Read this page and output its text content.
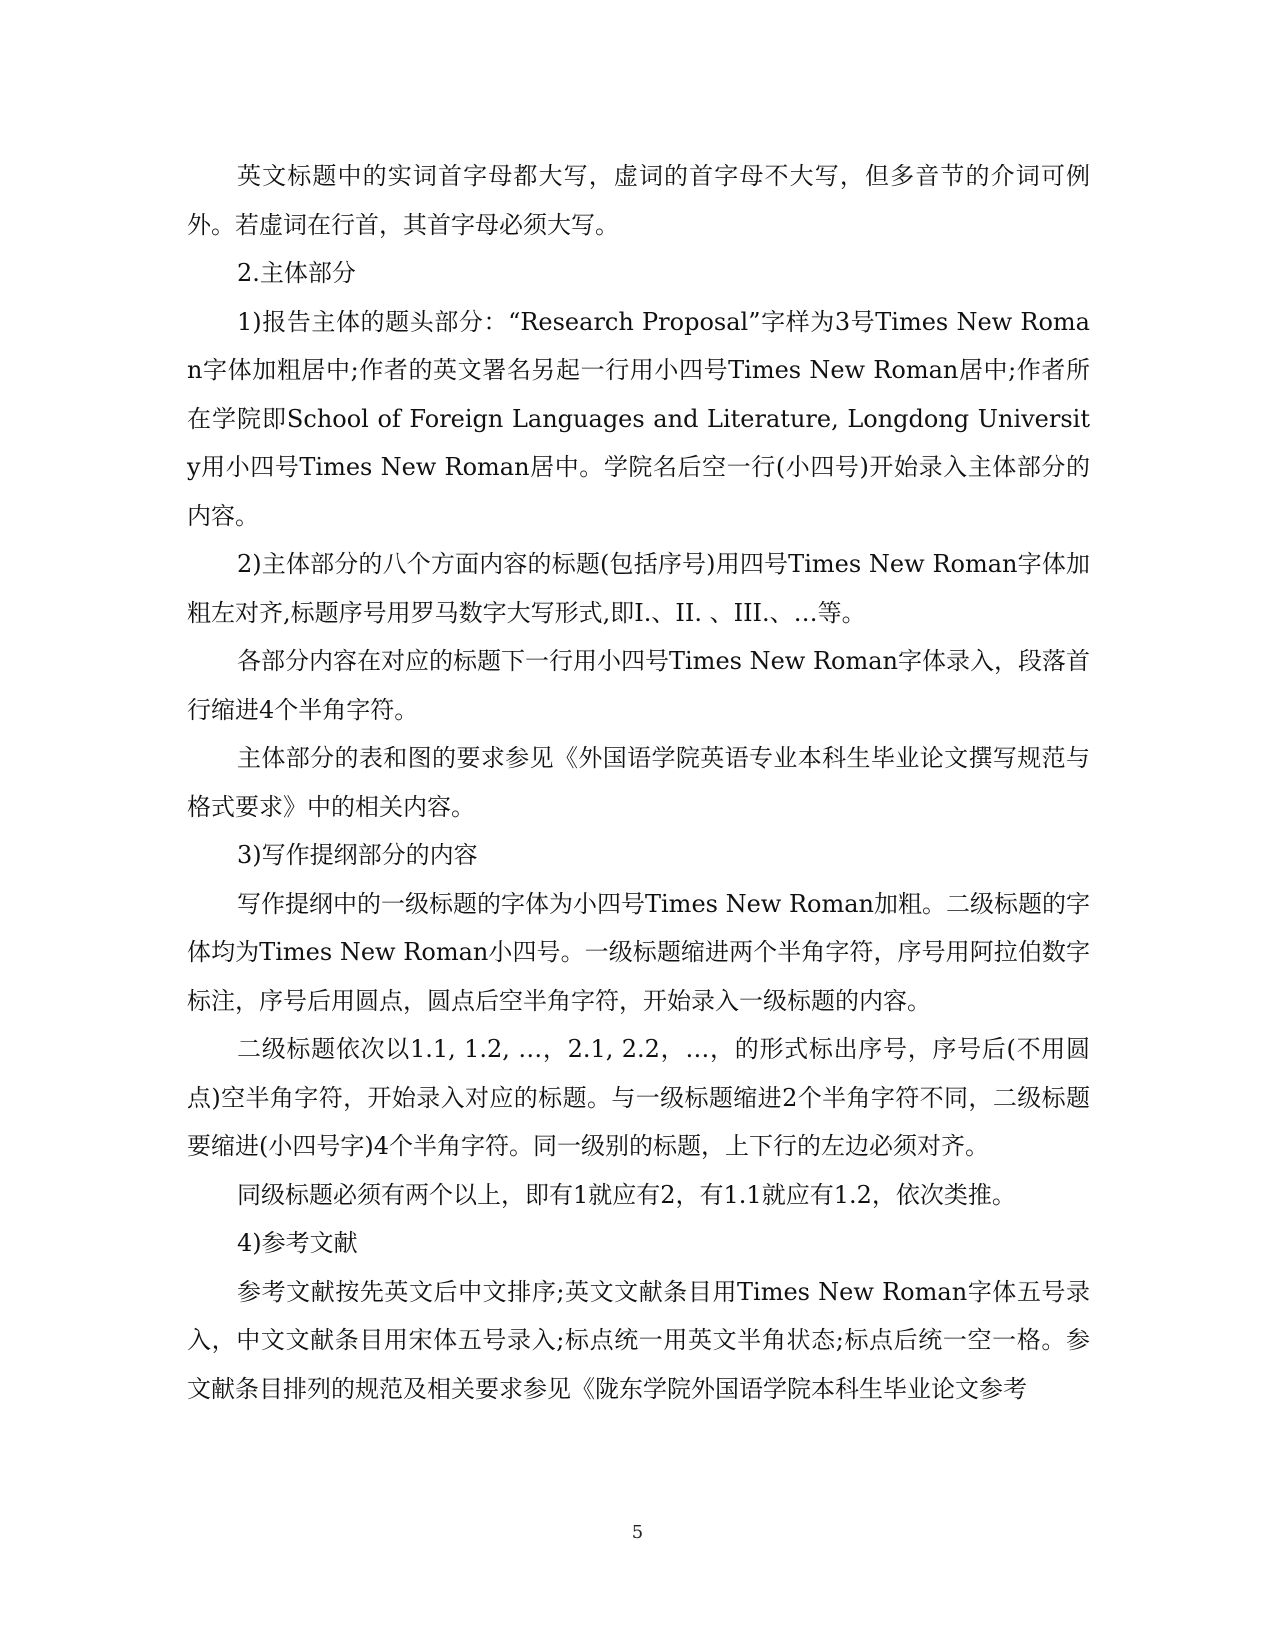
英文标题中的实词首字母都大写，虚词的首字母不大写，但多音节的介词可例外。若虚词在行首，其首字母必须大写。

2.主体部分

1)报告主体的题头部分：“Research Proposal”字样为3号Times New Roman字体加粗居中;作者的英文署名另起一行用小四号Times New Roman居中;作者所在学院即School of Foreign Languages and Literature, Longdong University用小四号Times New Roman居中。学院名后空一行(小四号)开始录入主体部分的内容。

2)主体部分的八个方面内容的标题(包括序号)用四号Times New Roman字体加粗左对齐,标题序号用罗马数字大写形式,即I.、II. 、III.、…等。

各部分内容在对应的标题下一行用小四号Times New Roman字体录入，段落首行缩进4个半角字符。

主体部分的表和图的要求参见《外国语学院英语专业本科生毕业论文撰写规范与格式要求》中的相关内容。

3)写作提纲部分的内容

写作提纲中的一级标题的字体为小四号Times New Roman加粗。二级标题的字体均为Times New Roman小四号。一级标题缩进两个半角字符，序号用阿拉伯数字标注，序号后用圆点，圆点后空半角字符，开始录入一级标题的内容。

二级标题依次以1.1, 1.2, …，2.1, 2.2，…，的形式标出序号，序号后(不用圆点)空半角字符，开始录入对应的标题。与一级标题缩进2个半角字符不同，二级标题要缩进(小四号字)4个半角字符。同一级别的标题，上下行的左边必须对齐。

同级标题必须有两个以上，即有1就应有2，有1.1就应有1.2，依次类推。

4)参考文献

参考文献按先英文后中文排序;英文文献条目用Times New Roman字体五号录入，中文文献条目用宋体五号录入;标点统一用英文半角状态;标点后统一空一格。参文献条目排列的规范及相关要求参见《陇东学院外国语学院本科生毕业论文参考

5
